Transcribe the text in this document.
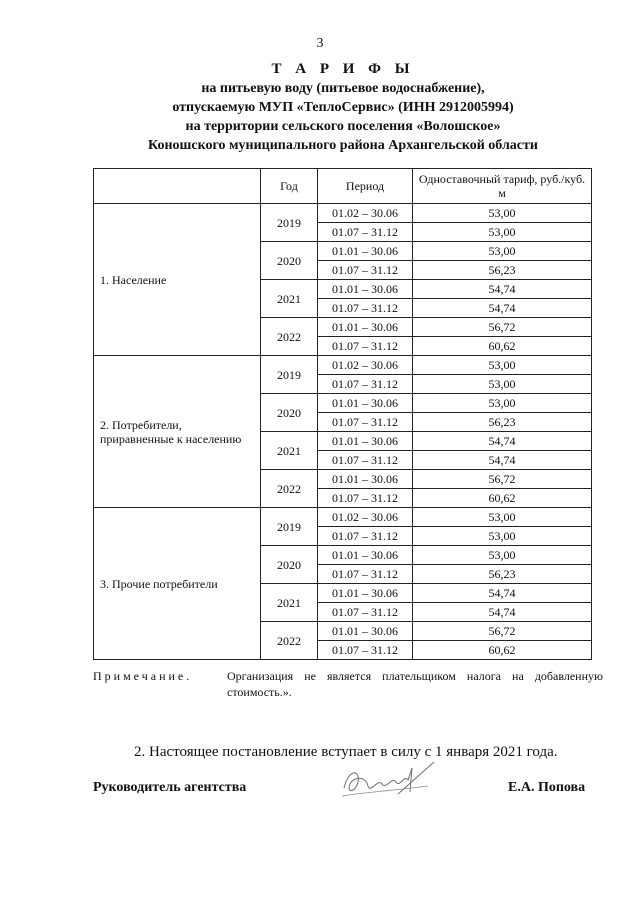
3
Т А Р И Ф Ы
на питьевую воду (питьевое водоснабжение),
отпускаемую МУП «ТеплоСервис» (ИНН 2912005994)
на территории сельского поселения «Волошское»
Коношского муниципального района Архангельской области
	Год	Период	Одноставочный тариф, руб./куб. м
1. Население	2019	01.02 – 30.06	53,00
		01.07 – 31.12	53,00
	2020	01.01 – 30.06	53,00
		01.07 – 31.12	56,23
	2021	01.01 – 30.06	54,74
		01.07 – 31.12	54,74
	2022	01.01 – 30.06	56,72
		01.07 – 31.12	60,62
2. Потребители, приравненные к населению	2019	01.02 – 30.06	53,00
		01.07 – 31.12	53,00
	2020	01.01 – 30.06	53,00
		01.07 – 31.12	56,23
	2021	01.01 – 30.06	54,74
		01.07 – 31.12	54,74
	2022	01.01 – 30.06	56,72
		01.07 – 31.12	60,62
3. Прочие потребители	2019	01.02 – 30.06	53,00
		01.07 – 31.12	53,00
	2020	01.01 – 30.06	53,00
		01.07 – 31.12	56,23
	2021	01.01 – 30.06	54,74
		01.07 – 31.12	54,74
	2022	01.01 – 30.06	56,72
		01.07 – 31.12	60,62
Примечание.	Организация не является плательщиком налога на добавленную стоимость.».
2. Настоящее постановление вступает в силу с 1 января 2021 года.
Руководитель агентства	Е.А. Попова
